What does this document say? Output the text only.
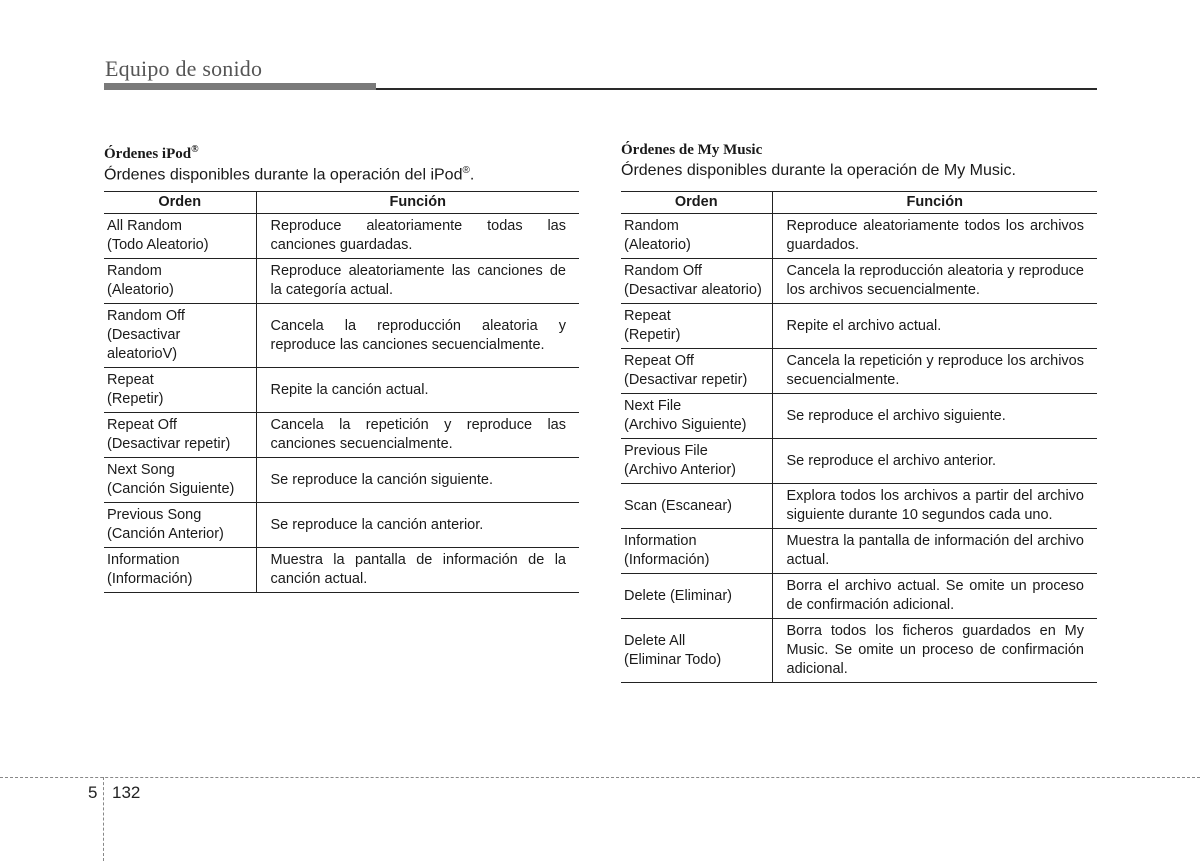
Equipo de sonido
Órdenes iPod®
Órdenes disponibles durante la operación del iPod®.
Orden	Función

All Random
(Todo Aleatorio)	Reproduce aleatoriamente todas las canciones guardadas.

Random
(Aleatorio)	Reproduce aleatoriamente las canciones de la categoría actual.

Random Off
(Desactivar
aleatorioV)	Cancela la reproducción aleatoria y reproduce las canciones secuencialmente.

Repeat
(Repetir)	Repite la canción actual.

Repeat Off
(Desactivar repetir)	Cancela la repetición y reproduce las canciones secuencialmente.

Next Song
(Canción Siguiente)	Se reproduce la canción siguiente.

Previous Song
(Canción Anterior)	Se reproduce la canción anterior.

Information
(Información)	Muestra la pantalla de información de la canción actual.
Órdenes de My Music
Órdenes disponibles durante la operación de My Music.
Orden	Función

Random
(Aleatorio)	Reproduce aleatoriamente todos los archivos guardados.

Random Off
(Desactivar aleatorio)	Cancela la reproducción aleatoria y reproduce los archivos secuencialmente.

Repeat
(Repetir)	Repite el archivo actual.

Repeat Off
(Desactivar repetir)	Cancela la repetición y reproduce los archivos secuencialmente.

Next File
(Archivo Siguiente)	Se reproduce el archivo siguiente.

Previous File
(Archivo Anterior)	Se reproduce el archivo anterior.

Scan (Escanear)	Explora todos los archivos a partir del archivo siguiente durante 10 segundos cada uno.

Information
(Información)	Muestra la pantalla de información del archivo actual.

Delete (Eliminar)	Borra el archivo actual. Se omite un proceso de confirmación adicional.

Delete All
(Eliminar Todo)	Borra todos los ficheros guardados en My Music. Se omite un proceso de confirmación adicional.
5 132
